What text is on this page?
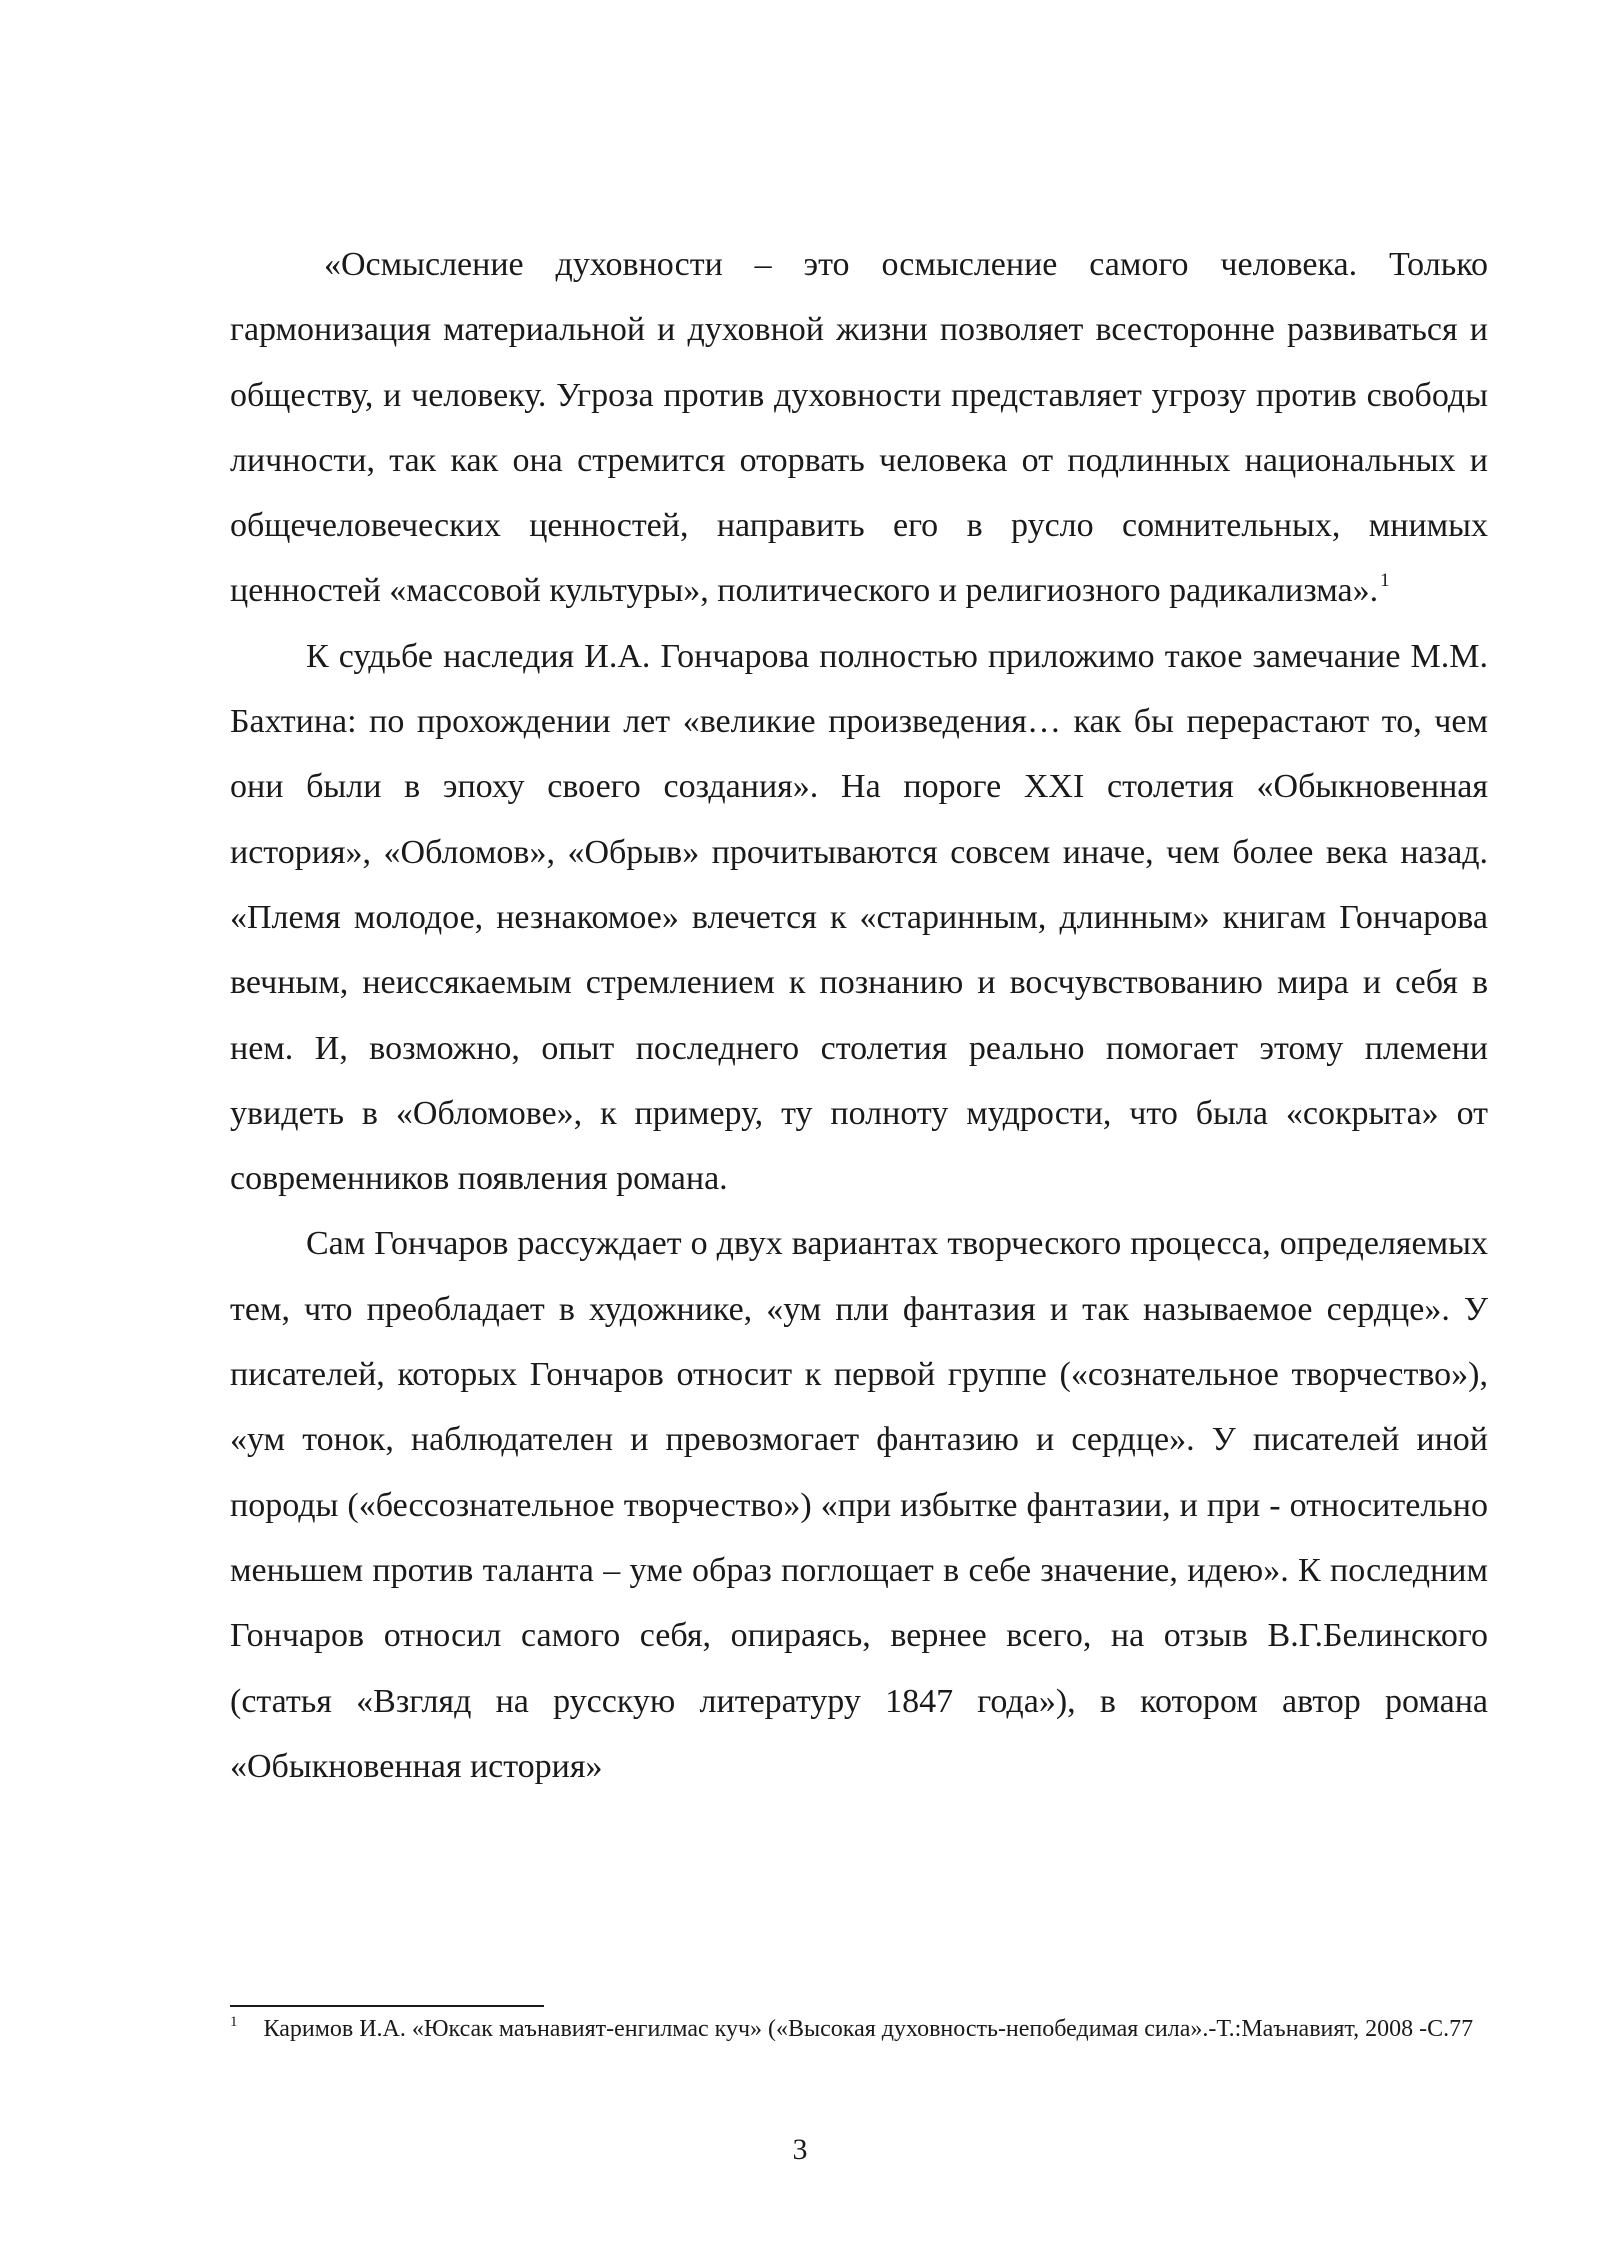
«Осмысление духовности – это осмысление самого человека. Только гармонизация материальной и духовной жизни позволяет всесторонне развиваться и обществу, и человеку. Угроза против духовности представляет угрозу против свободы личности, так как она стремится оторвать человека от подлинных национальных и общечеловеческих ценностей, направить его в русло сомнительных, мнимых ценностей «массовой культуры», политического и религиозного радикализма». $^1$

К судьбе наследия И.А. Гончарова полностью приложимо такое замечание М.М. Бахтина: по прохождении лет «великие произведения… как бы перерастают то, чем они были в эпоху своего создания». На пороге XXI столетия «Обыкновенная история», «Обломов», «Обрыв» прочитываются совсем иначе, чем более века назад. «Племя молодое, незнакомое» влечется к «старинным, длинным» книгам Гончарова вечным, неиссякаемым стремлением к познанию и восчувствованию мира и себя в нем. И, возможно, опыт последнего столетия реально помогает этому племени увидеть в «Обломове», к примеру, ту полноту мудрости, что была «сокрыта» от современников появления романа.

Сам Гончаров рассуждает о двух вариантах творческого процесса, определяемых тем, что преобладает в художнике, «ум пли фантазия и так называемое сердце». У писателей, которых Гончаров относит к первой группе («сознательное творчество»), «ум тонок, наблюдателен и превозмогает фантазию и сердце». У писателей иной породы («бессознательное творчество») «при избытке фантазии, и при - относительно меньшем против таланта – уме образ поглощает в себе значение, идею». К последним Гончаров относил самого себя, опираясь, вернее всего, на отзыв В.Г.Белинского (статья «Взгляд на русскую литературу 1847 года»), в котором автор романа «Обыкновенная история»

$^1$ Каримов И.А. «Юксак маънавият-енгилмас куч» («Высокая духовность-непобедимая сила».-Т.:Маънавият, 2008 -С.77

3
